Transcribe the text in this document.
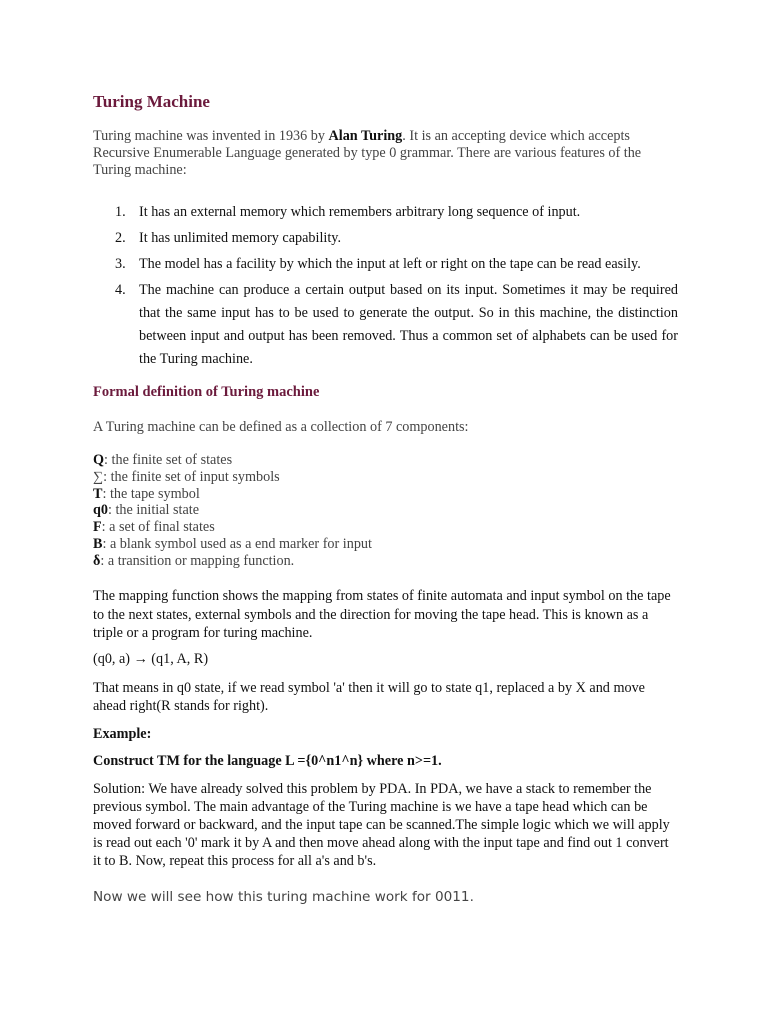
Turing Machine

Turing machine was invented in 1936 by Alan Turing. It is an accepting device which accepts Recursive Enumerable Language generated by type 0 grammar. There are various features of the Turing machine:

1. It has an external memory which remembers arbitrary long sequence of input.
2. It has unlimited memory capability.
3. The model has a facility by which the input at left or right on the tape can be read easily.
4. The machine can produce a certain output based on its input. Sometimes it may be required that the same input has to be used to generate the output. So in this machine, the distinction between input and output has been removed. Thus a common set of alphabets can be used for the Turing machine.
Formal definition of Turing machine

A Turing machine can be defined as a collection of 7 components:

Q: the finite set of states
∑: the finite set of input symbols
T: the tape symbol
q0: the initial state
F: a set of final states
B: a blank symbol used as a end marker for input
δ: a transition or mapping function.

The mapping function shows the mapping from states of finite automata and input symbol on the tape to the next states, external symbols and the direction for moving the tape head. This is known as a triple or a program for turing machine.

(q0, a) → (q1, A, R)

That means in q0 state, if we read symbol 'a' then it will go to state q1, replaced a by X and move ahead right(R stands for right).

Example:

Construct TM for the language L ={0^n1^n} where n>=1.

Solution: We have already solved this problem by PDA. In PDA, we have a stack to remember the previous symbol. The main advantage of the Turing machine is we have a tape head which can be moved forward or backward, and the input tape can be scanned.The simple logic which we will apply is read out each '0' mark it by A and then move ahead along with the input tape and find out 1 convert it to B. Now, repeat this process for all a's and b's.

Now we will see how this turing machine work for 0011.
